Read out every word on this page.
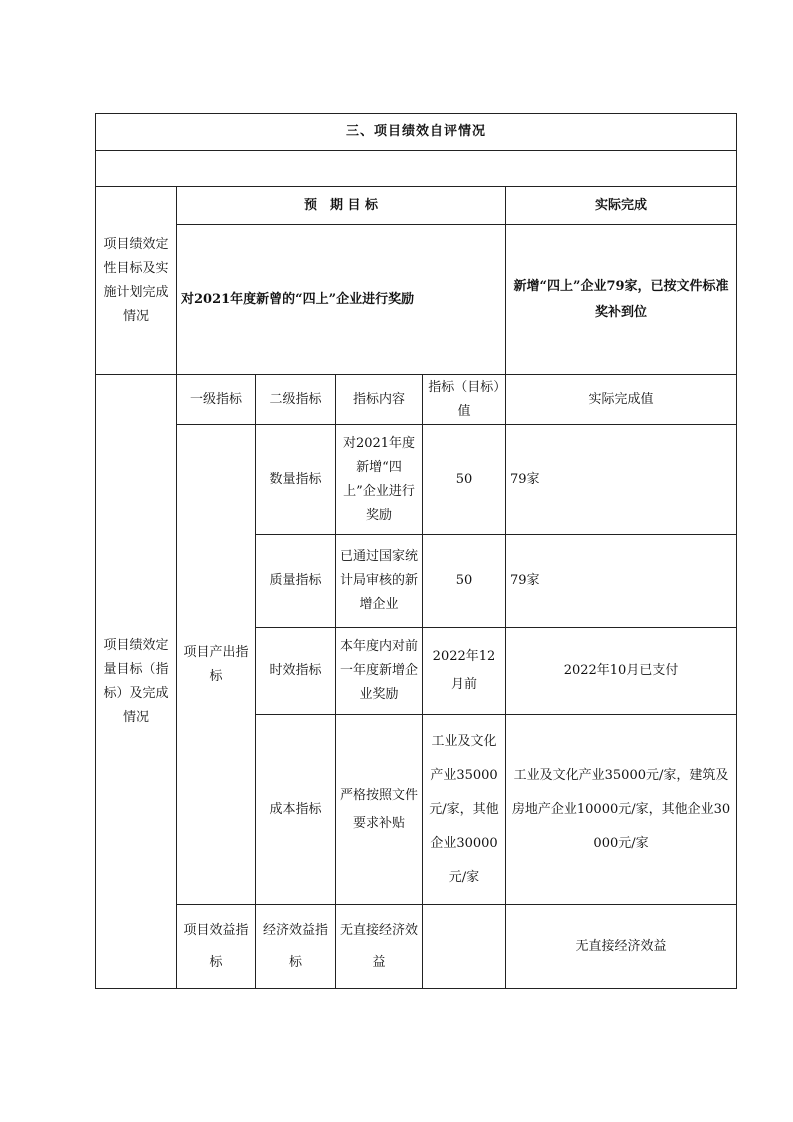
三、项目绩效自评情况					

项目绩效定性目标及实施计划完成情况	预　期 目 标				实际完成
	对2021年度新曾的“四上”企业进行奖励				新增“四上”企业79家，已按文件标准奖补到位
项目绩效定量目标（指标）及完成情况	一级指标	二级指标	指标内容	指标（目标）值	实际完成值
	项目产出指标	数量指标	对2021年度新增“四上”企业进行奖励	50	79家
		质量指标	已通过国家统计局审核的新增企业	50	79家
		时效指标	本年度内对前一年度新增企业奖励	2022年12月前	2022年10月已支付
		成本指标	严格按照文件要求补贴	工业及文化产业35000元/家，其他企业30000元/家	工业及文化产业35000元/家，建筑及房地产企业10000元/家，其他企业30000元/家
	项目效益指标	经济效益指标	无直接经济效益		无直接经济效益
